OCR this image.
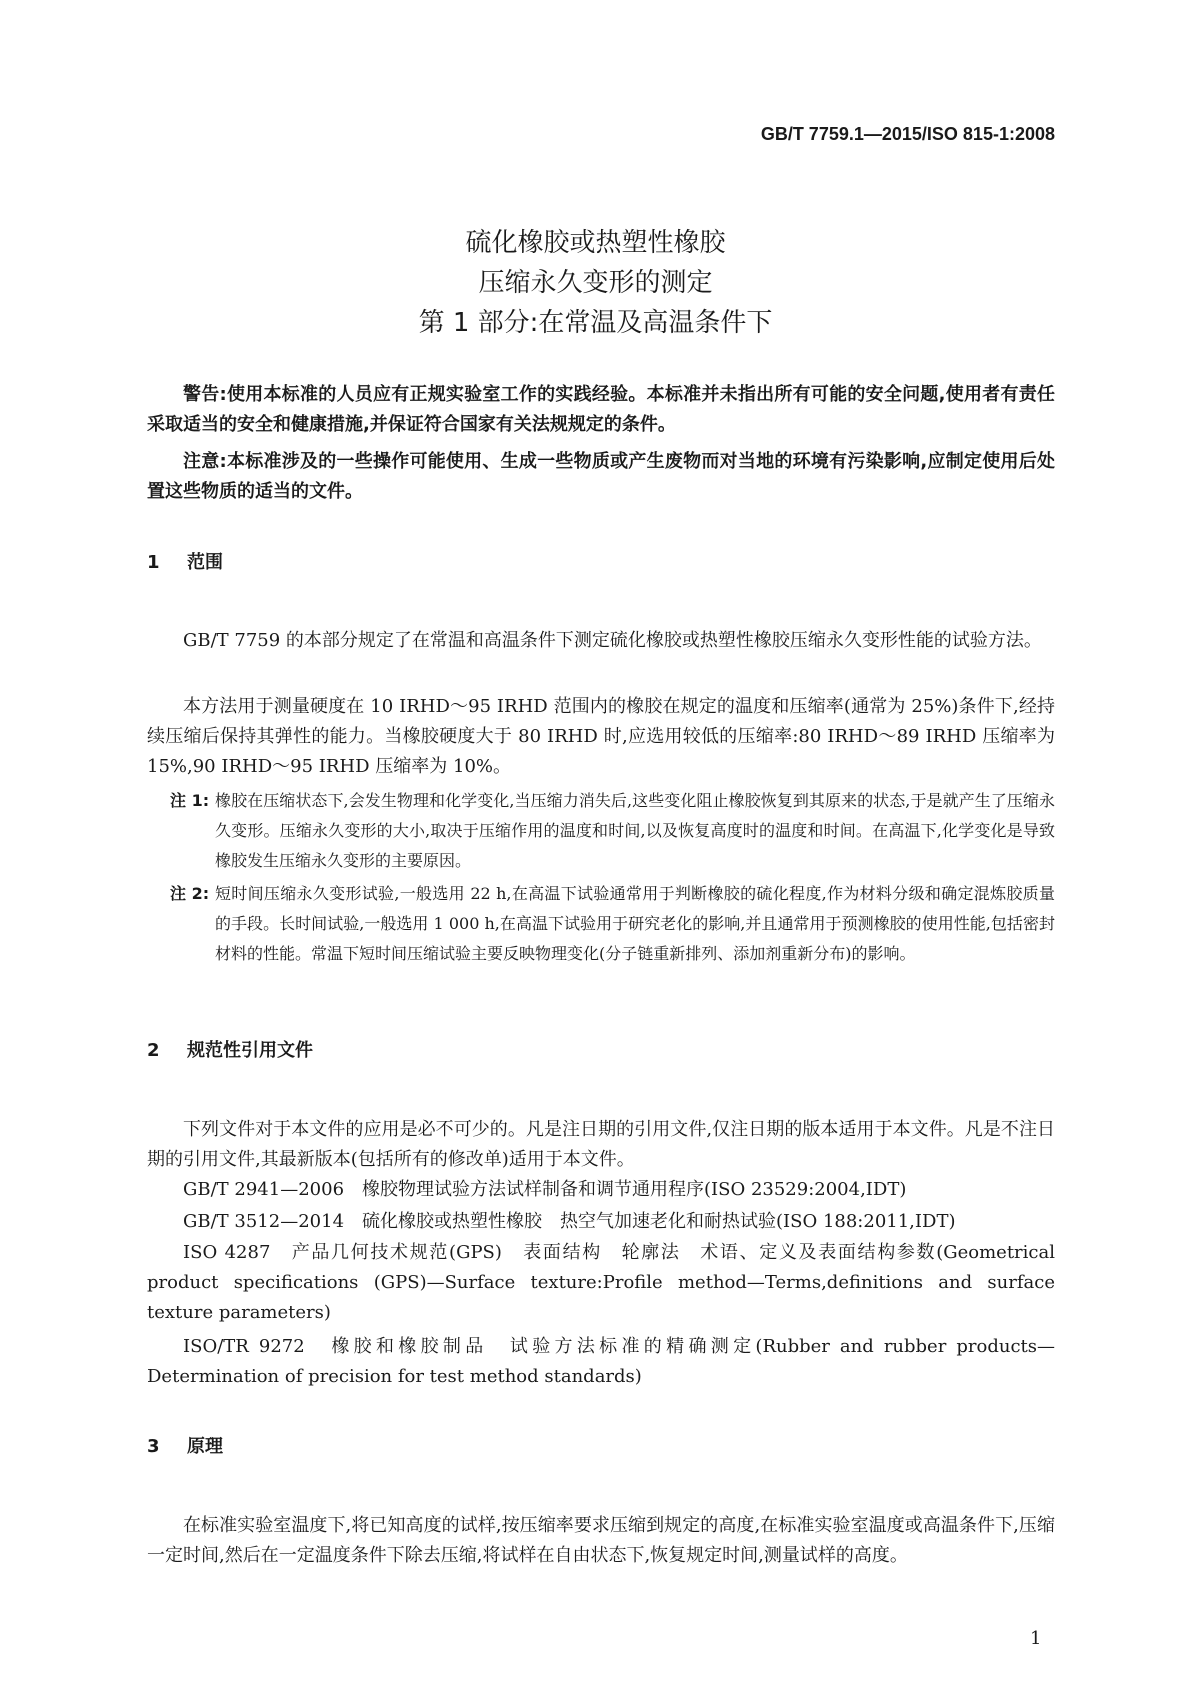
GB/T 7759.1—2015/ISO 815-1:2008
硫化橡胶或热塑性橡胶
压缩永久变形的测定
第 1 部分:在常温及高温条件下
警告:使用本标准的人员应有正规实验室工作的实践经验。本标准并未指出所有可能的安全问题,使用者有责任采取适当的安全和健康措施,并保证符合国家有关法规规定的条件。
注意:本标准涉及的一些操作可能使用、生成一些物质或产生废物而对当地的环境有污染影响,应制定使用后处置这些物质的适当的文件。
1 范围
GB/T 7759 的本部分规定了在常温和高温条件下测定硫化橡胶或热塑性橡胶压缩永久变形性能的试验方法。
本方法用于测量硬度在 10 IRHD～95 IRHD 范围内的橡胶在规定的温度和压缩率(通常为 25%)条件下,经持续压缩后保持其弹性的能力。当橡胶硬度大于 80 IRHD 时,应选用较低的压缩率:80 IRHD～89 IRHD 压缩率为 15%,90 IRHD～95 IRHD 压缩率为 10%。
注 1: 橡胶在压缩状态下,会发生物理和化学变化,当压缩力消失后,这些变化阻止橡胶恢复到其原来的状态,于是就产生了压缩永久变形。压缩永久变形的大小,取决于压缩作用的温度和时间,以及恢复高度时的温度和时间。在高温下,化学变化是导致橡胶发生压缩永久变形的主要原因。
注 2: 短时间压缩永久变形试验,一般选用 22 h,在高温下试验通常用于判断橡胶的硫化程度,作为材料分级和确定混炼胶质量的手段。长时间试验,一般选用 1 000 h,在高温下试验用于研究老化的影响,并且通常用于预测橡胶的使用性能,包括密封材料的性能。常温下短时间压缩试验主要反映物理变化(分子链重新排列、添加剂重新分布)的影响。
2 规范性引用文件
下列文件对于本文件的应用是必不可少的。凡是注日期的引用文件,仅注日期的版本适用于本文件。凡是不注日期的引用文件,其最新版本(包括所有的修改单)适用于本文件。
GB/T 2941—2006　橡胶物理试验方法试样制备和调节通用程序(ISO 23529:2004,IDT)
GB/T 3512—2014　硫化橡胶或热塑性橡胶　热空气加速老化和耐热试验(ISO 188:2011,IDT)
ISO 4287　产品几何技术规范(GPS)　表面结构　轮廓法　术语、定义及表面结构参数(Geometrical product specifications (GPS)—Surface texture:Profile method—Terms,definitions and surface texture parameters)
ISO/TR 9272　橡胶和橡胶制品　试验方法标准的精确测定(Rubber and rubber products—Determination of precision for test method standards)
3 原理
在标准实验室温度下,将已知高度的试样,按压缩率要求压缩到规定的高度,在标准实验室温度或高温条件下,压缩一定时间,然后在一定温度条件下除去压缩,将试样在自由状态下,恢复规定时间,测量试样的高度。
1
